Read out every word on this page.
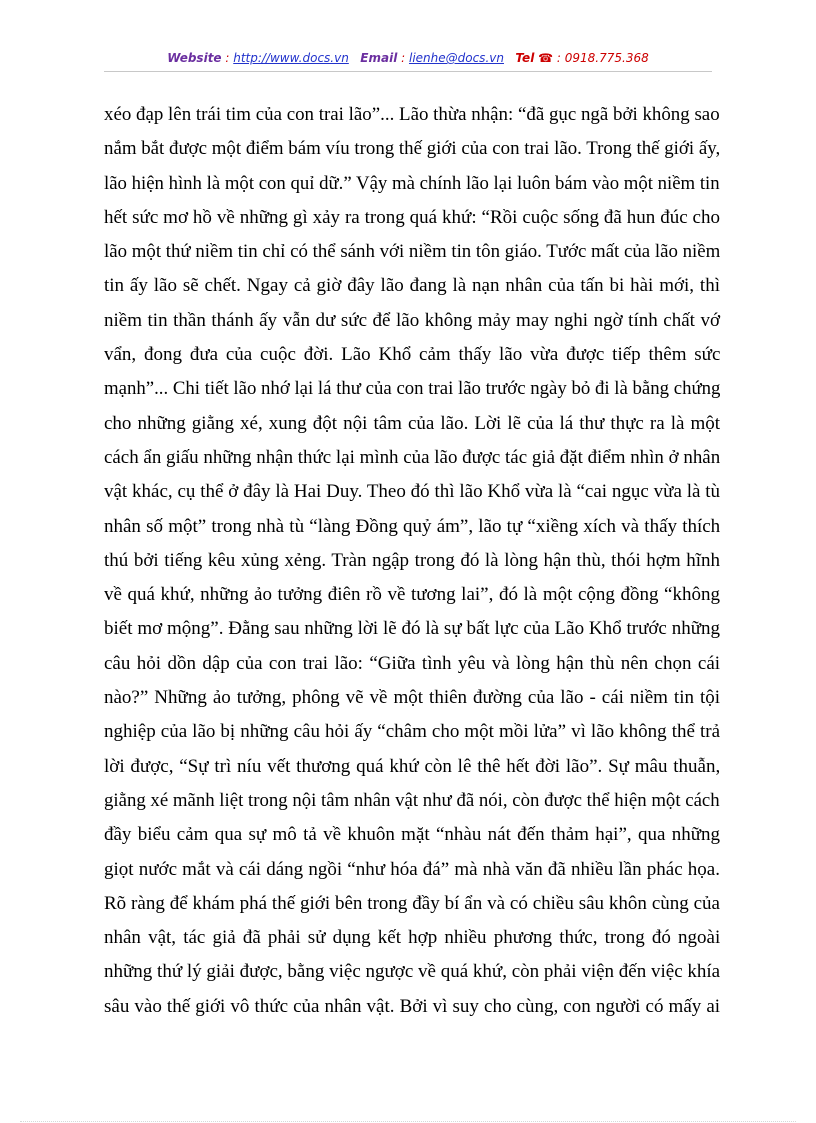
Website : http://www.docs.vn Email : lienhe@docs.vn Tel ☎ : 0918.775.368
xéo đạp lên trái tim của con trai lão”... Lão thừa nhận: “đã gục ngã bởi không sao
nắm bắt được một điểm bám víu trong thế giới của con trai lão. Trong thế giới ấy,
lão hiện hình là một con quỉ dữ.” Vậy mà chính lão lại luôn bám vào một niềm tin
hết sức mơ hồ về những gì xảy ra trong quá khứ: “Rồi cuộc sống đã hun đúc cho
lão một thứ niềm tin chỉ có thể sánh với niềm tin tôn giáo. Tước mất của lão niềm
tin ấy lão sẽ chết. Ngay cả giờ đây lão đang là nạn nhân của tấn bi hài mới, thì
niềm tin thần thánh ấy vẫn dư sức để lão không mảy may nghi ngờ tính chất vớ
vẩn, đong đưa của cuộc đời. Lão Khổ cảm thấy lão vừa được tiếp thêm sức
mạnh”... Chi tiết lão nhớ lại lá thư của con trai lão trước ngày bỏ đi là bằng chứng
cho những giằng xé, xung đột nội tâm của lão. Lời lẽ của lá thư thực ra là một
cách ẩn giấu những nhận thức lại mình của lão được tác giả đặt điểm nhìn ở nhân
vật khác, cụ thể ở đây là Hai Duy. Theo đó thì lão Khổ vừa là “cai ngục vừa là tù
nhân số một” trong nhà tù “làng Đồng quỷ ám”, lão tự “xiềng xích và thấy thích
thú bởi tiếng kêu xủng xẻng. Tràn ngập trong đó là lòng hận thù, thói hợm hĩnh
về quá khứ, những ảo tưởng điên rồ về tương lai”, đó là một cộng đồng “không
biết mơ mộng”. Đằng sau những lời lẽ đó là sự bất lực của Lão Khổ trước những
câu hỏi dồn dập của con trai lão: “Giữa tình yêu và lòng hận thù nên chọn cái
nào?” Những ảo tưởng, phông vẽ về một thiên đường của lão - cái niềm tin tội
nghiệp của lão bị những câu hỏi ấy “châm cho một mồi lửa” vì lão không thể trả
lời được, “Sự trì níu vết thương quá khứ còn lê thê hết đời lão”. Sự mâu thuẫn,
giằng xé mãnh liệt trong nội tâm nhân vật như đã nói, còn được thể hiện một cách
đầy biểu cảm qua sự mô tả về khuôn mặt “nhàu nát đến thảm hại”, qua những
giọt nước mắt và cái dáng ngồi “như hóa đá” mà nhà văn đã nhiều lần phác họa.
Rõ ràng để khám phá thế giới bên trong đầy bí ẩn và có chiều sâu khôn cùng của
nhân vật, tác giả đã phải sử dụng kết hợp nhiều phương thức, trong đó ngoài
những thứ lý giải được, bằng việc ngược về quá khứ, còn phải viện đến việc khía
sâu vào thế giới vô thức của nhân vật. Bởi vì suy cho cùng, con người có mấy ai
